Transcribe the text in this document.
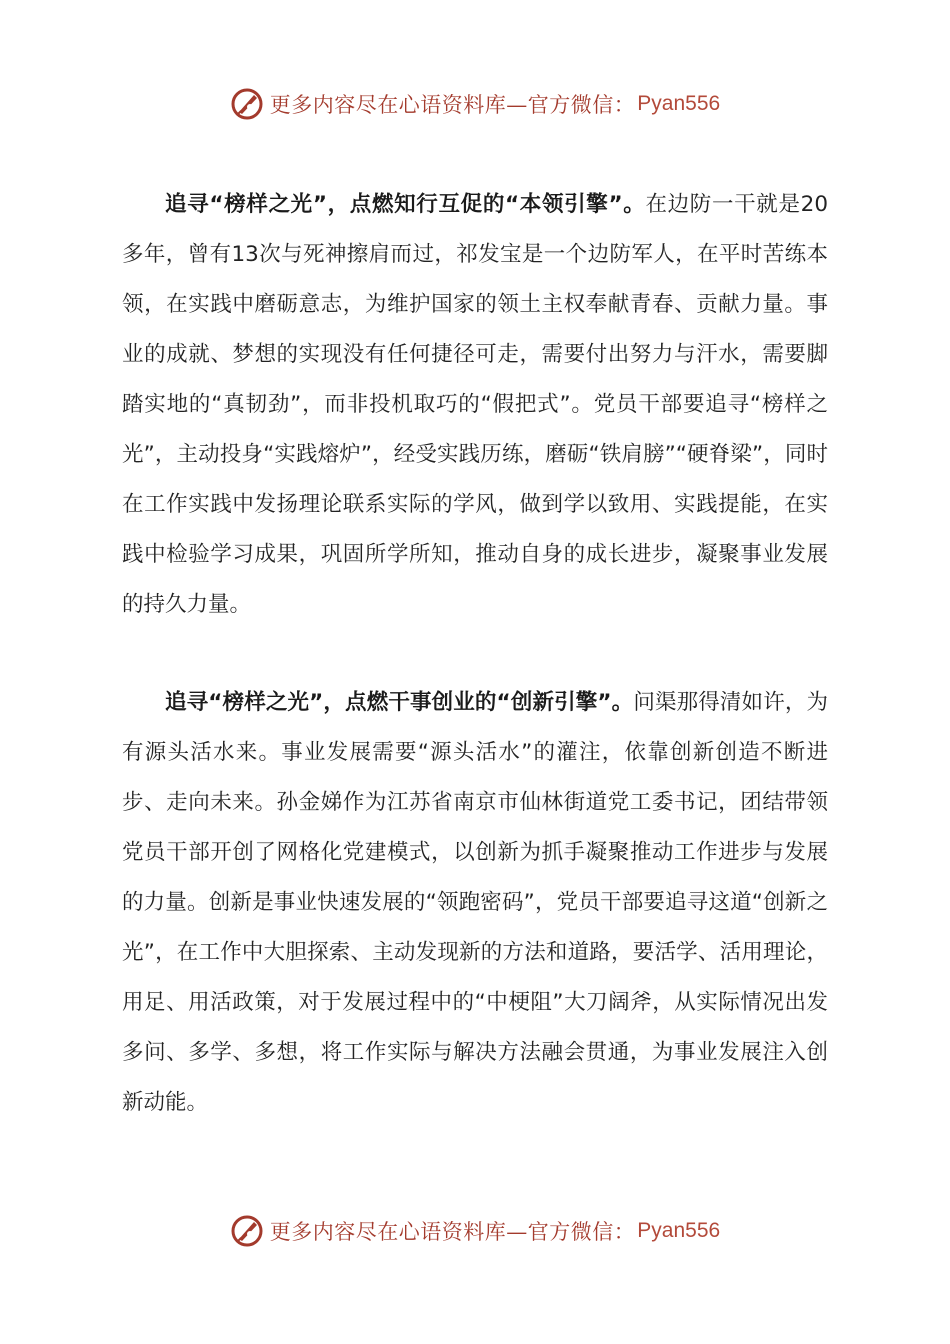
更多内容尽在心语资料库—官方微信： Pyan556

追寻“榜样之光”，点燃知行互促的“本领引擎”。在边防一干就是20多年，曾有13次与死神擦肩而过，祁发宝是一个边防军人，在平时苦练本领，在实践中磨砺意志，为维护国家的领土主权奉献青春、贡献力量。事业的成就、梦想的实现没有任何捷径可走，需要付出努力与汗水，需要脚踏实地的“真韧劲”，而非投机取巧的“假把式”。党员干部要追寻“榜样之光”，主动投身“实践熔炉”，经受实践历练，磨砺“铁肩膀”“硬脊梁”，同时在工作实践中发扬理论联系实际的学风，做到学以致用、实践提能，在实践中检验学习成果，巩固所学所知，推动自身的成长进步，凝聚事业发展的持久力量。

追寻“榜样之光”，点燃干事创业的“创新引擎”。问渠那得清如许，为有源头活水来。事业发展需要“源头活水”的灌注，依靠创新创造不断进步、走向未来。孙金娣作为江苏省南京市仙林街道党工委书记，团结带领党员干部开创了网格化党建模式，以创新为抓手凝聚推动工作进步与发展的力量。创新是事业快速发展的“领跑密码”，党员干部要追寻这道“创新之光”，在工作中大胆探索、主动发现新的方法和道路，要活学、活用理论，用足、用活政策，对于发展过程中的“中梗阻”大刀阔斧，从实际情况出发多问、多学、多想，将工作实际与解决方法融会贯通，为事业发展注入创新动能。

更多内容尽在心语资料库—官方微信： Pyan556
